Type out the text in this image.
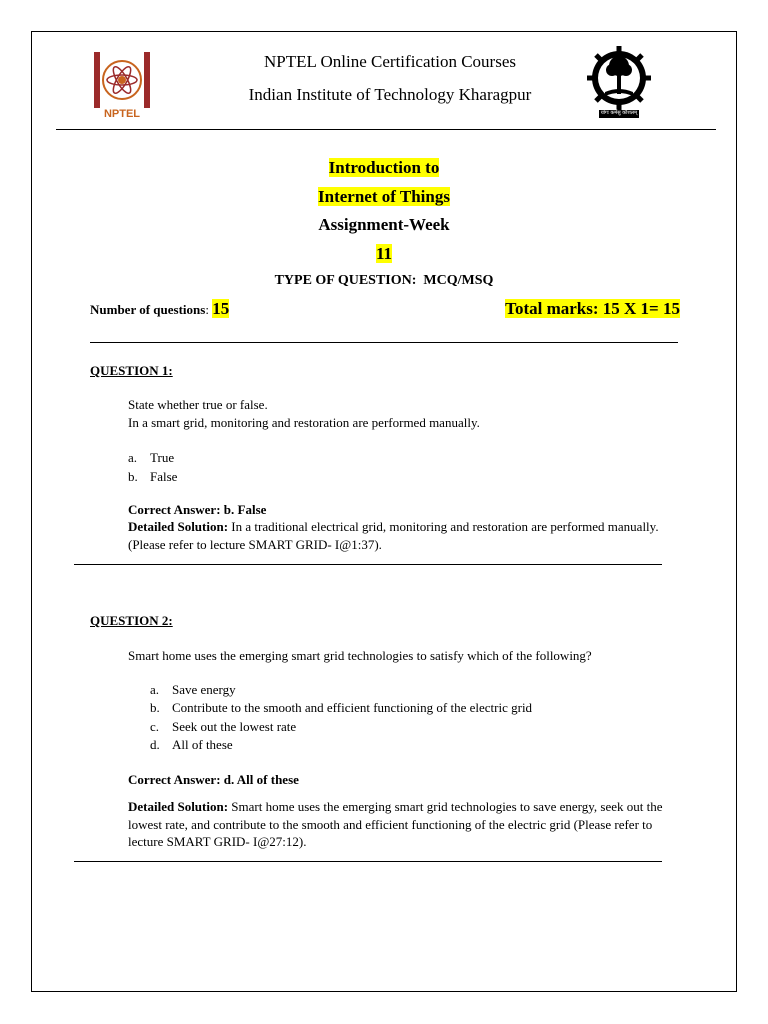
NPTEL
NPTEL Online Certification Courses
Indian Institute of Technology Kharagpur
योगः कर्मसु कौशलम्
Introduction to
Internet of Things
Assignment-Week
11
TYPE OF QUESTION:  MCQ/MSQ
Number of questions: 15	Total marks: 15 X 1= 15
QUESTION 1:
State whether true or false.
In a smart grid, monitoring and restoration are performed manually.
a. True
b. False
Correct Answer: b. False
Detailed Solution: In a traditional electrical grid, monitoring and restoration are performed manually. (Please refer to lecture SMART GRID- I@1:37).
QUESTION 2:
Smart home uses the emerging smart grid technologies to satisfy which of the following?
a. Save energy
b. Contribute to the smooth and efficient functioning of the electric grid
c. Seek out the lowest rate
d. All of these
Correct Answer: d. All of these
Detailed Solution: Smart home uses the emerging smart grid technologies to save energy, seek out the lowest rate, and contribute to the smooth and efficient functioning of the electric grid (Please refer to lecture SMART GRID- I@27:12).
